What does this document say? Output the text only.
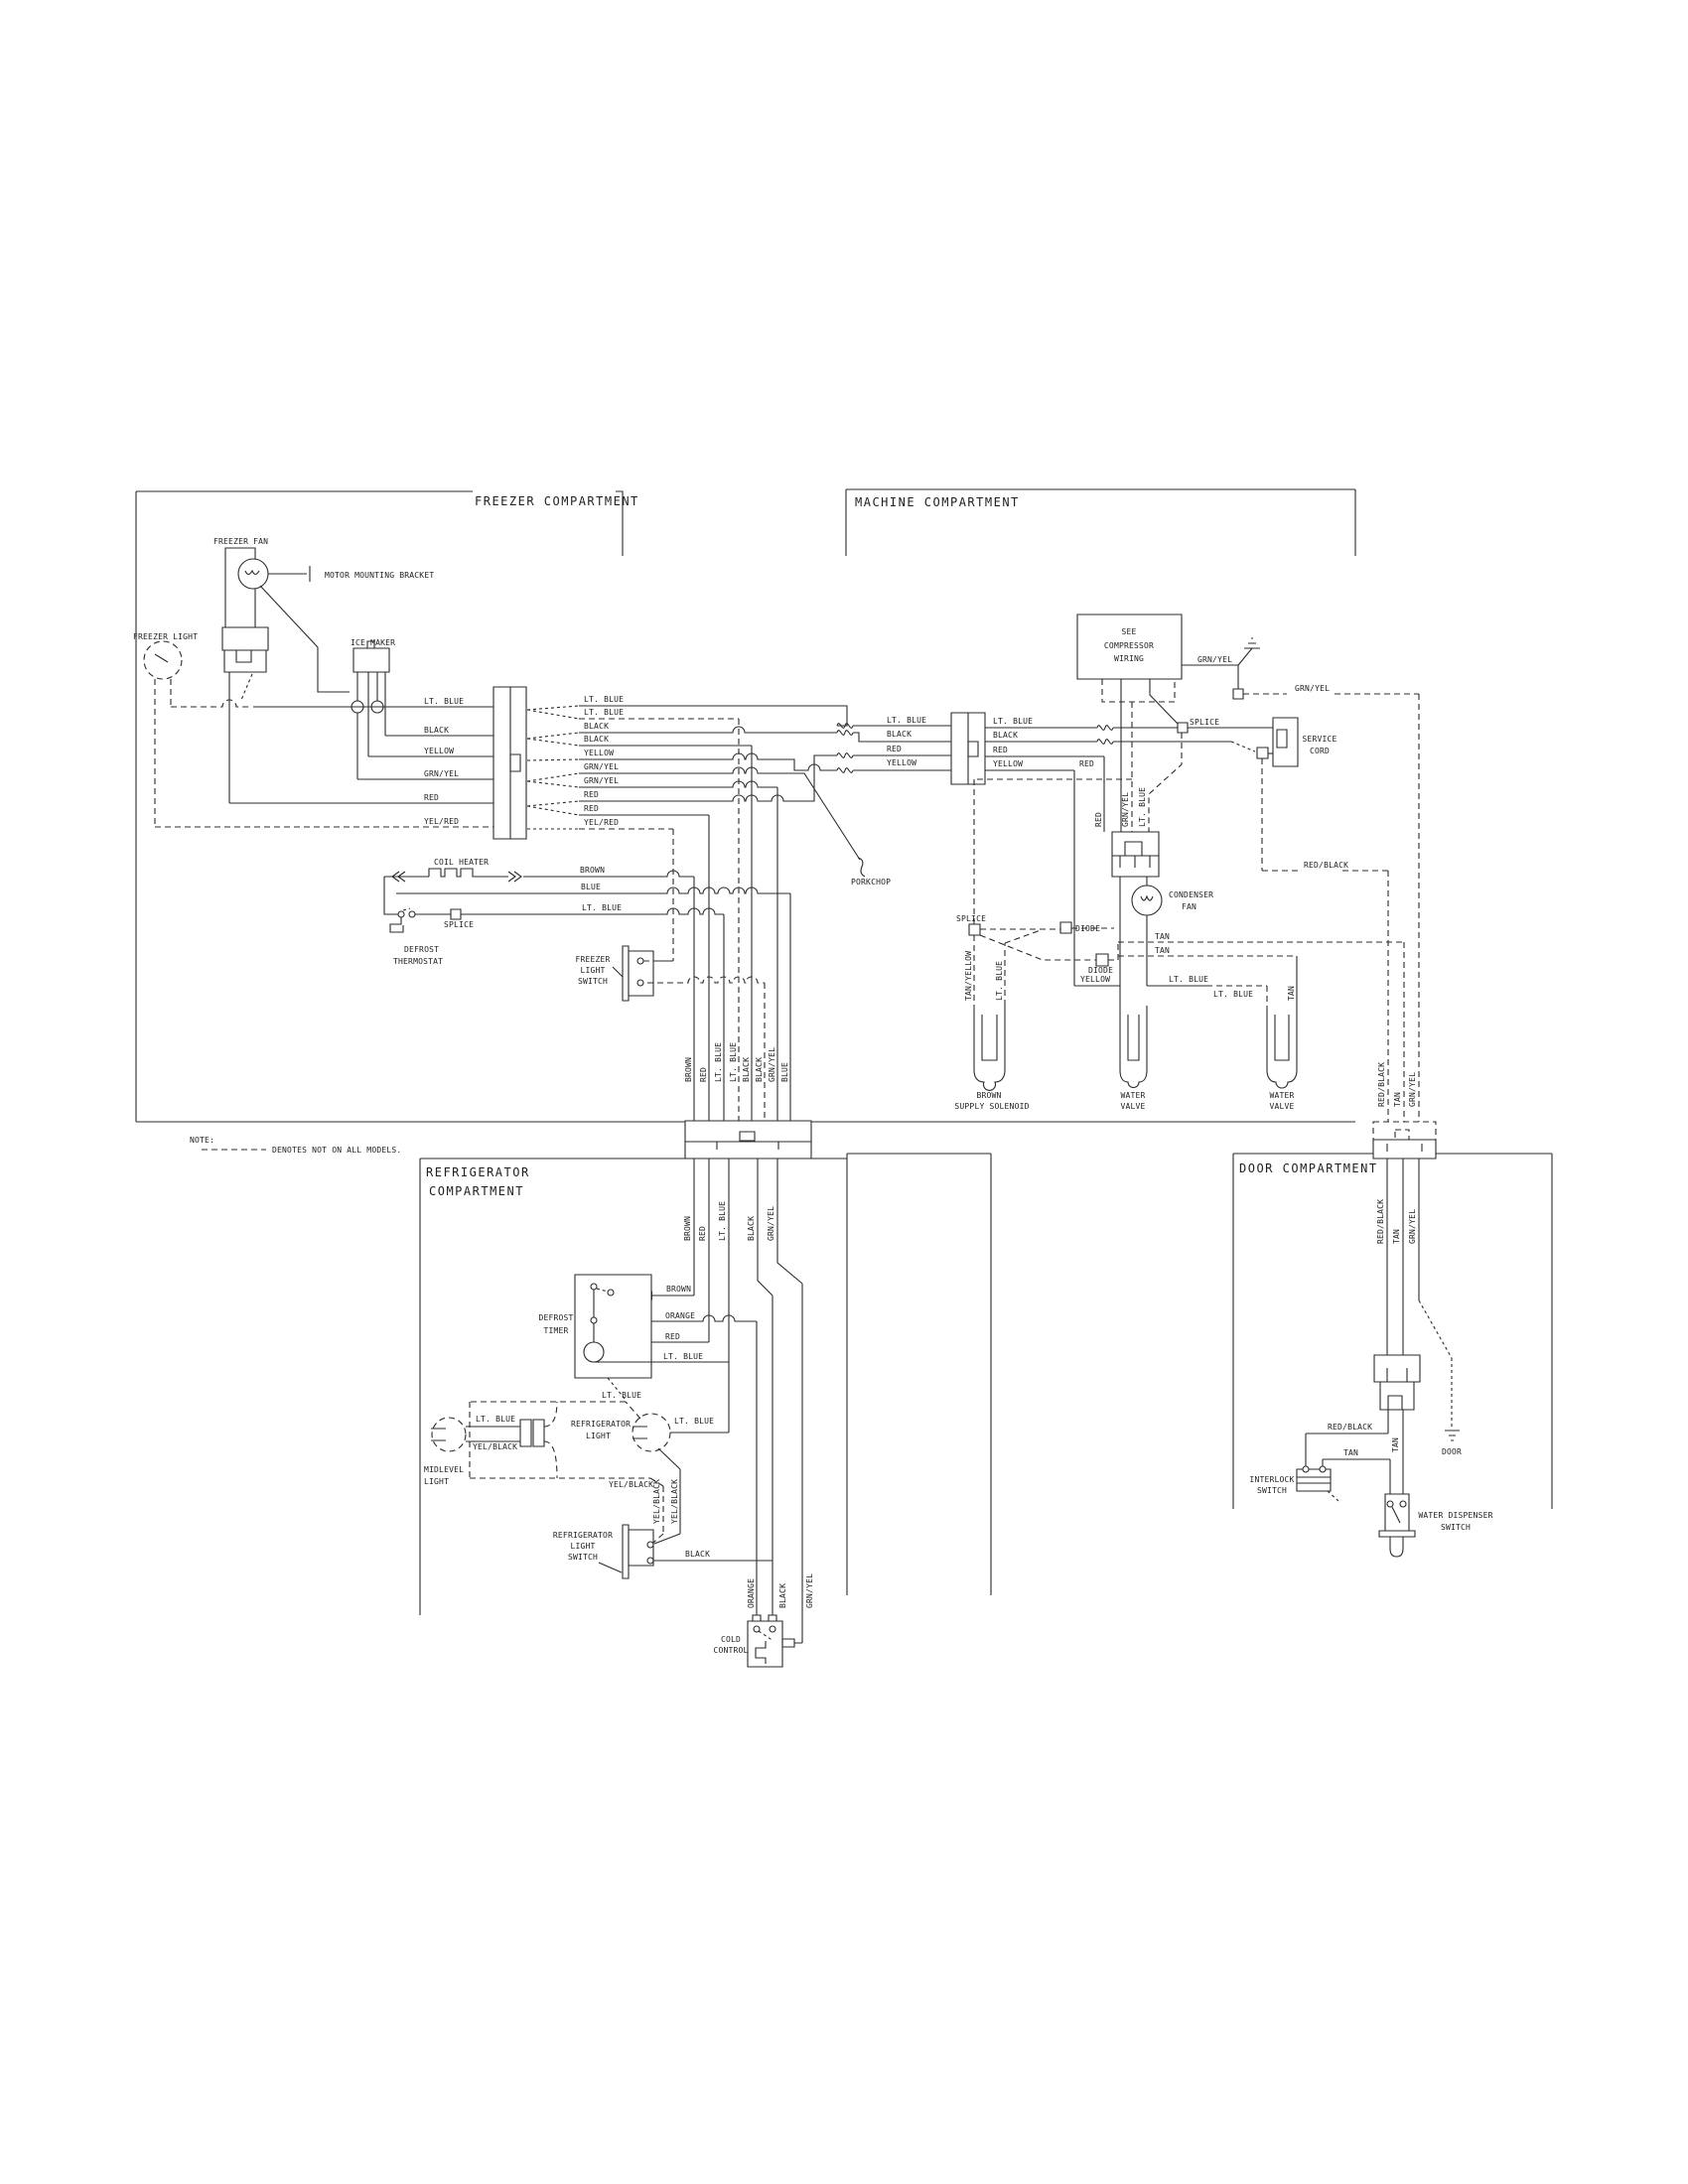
FREEZER COMPARTMENT	MACHINE COMPARTMENT
REFRIGERATOR
COMPARTMENT
DOOR COMPARTMENT
NOTE:
DENOTES NOT ON ALL MODELS.
FREEZER FAN
MOTOR MOUNTING BRACKET
FREEZER LIGHT
ICE MAKER
LT. BLUE
BLACK
YELLOW
GRN/YEL
RED
YEL/RED
LT. BLUE
LT. BLUE
BLACK
BLACK
YELLOW
GRN/YEL
GRN/YEL
RED
RED
YEL/RED
COIL HEATER
BROWN
BLUE
LT. BLUE
SPLICE
DEFROST
THERMOSTAT	FREEZER
LIGHT
SWITCH
PORKCHOP
BROWN RED LT. BLUE LT. BLUE BLACK BLACK GRN/YEL BLUE
LT. BLUE
BLACK
RED
YELLOW
LT. BLUE
BLACK
RED
YELLOW	RED
SEE
COMPRESSOR
WIRING	GRN/YEL
GRN/YEL
SPLICE
SERVICE
CORD
RED/BLACK
RED GRN/YEL LT. BLUE
CONDENSER
FAN
SPLICE
DIODE
DIODE
TAN
TAN
YELLOW	LT. BLUE
LT. BLUE
TAN/YELLOW	LT. BLUE	TAN
BROWN
SUPPLY SOLENOID
WATER
VALVE
WATER
VALVE
BROWN RED LT. BLUE	BLACK GRN/YEL
DEFROST
TIMER
BROWN
ORANGE
RED
LT. BLUE
LT. BLUE
REFRIGERATOR
LIGHT
LT. BLUE
MIDLEVEL
LIGHT
LT. BLUE
YEL/BLACK
YEL/BLACK
YEL/BLACK YEL/BLACK
REFRIGERATOR
LIGHT
SWITCH	BLACK
ORANGE	BLACK GRN/YEL
COLD
CONTROL
RED/BLACK TAN GRN/YEL
RED/BLACK TAN GRN/YEL
RED/BLACK
TAN
TAN	DOOR
INTERLOCK
SWITCH
WATER DISPENSER
SWITCH
